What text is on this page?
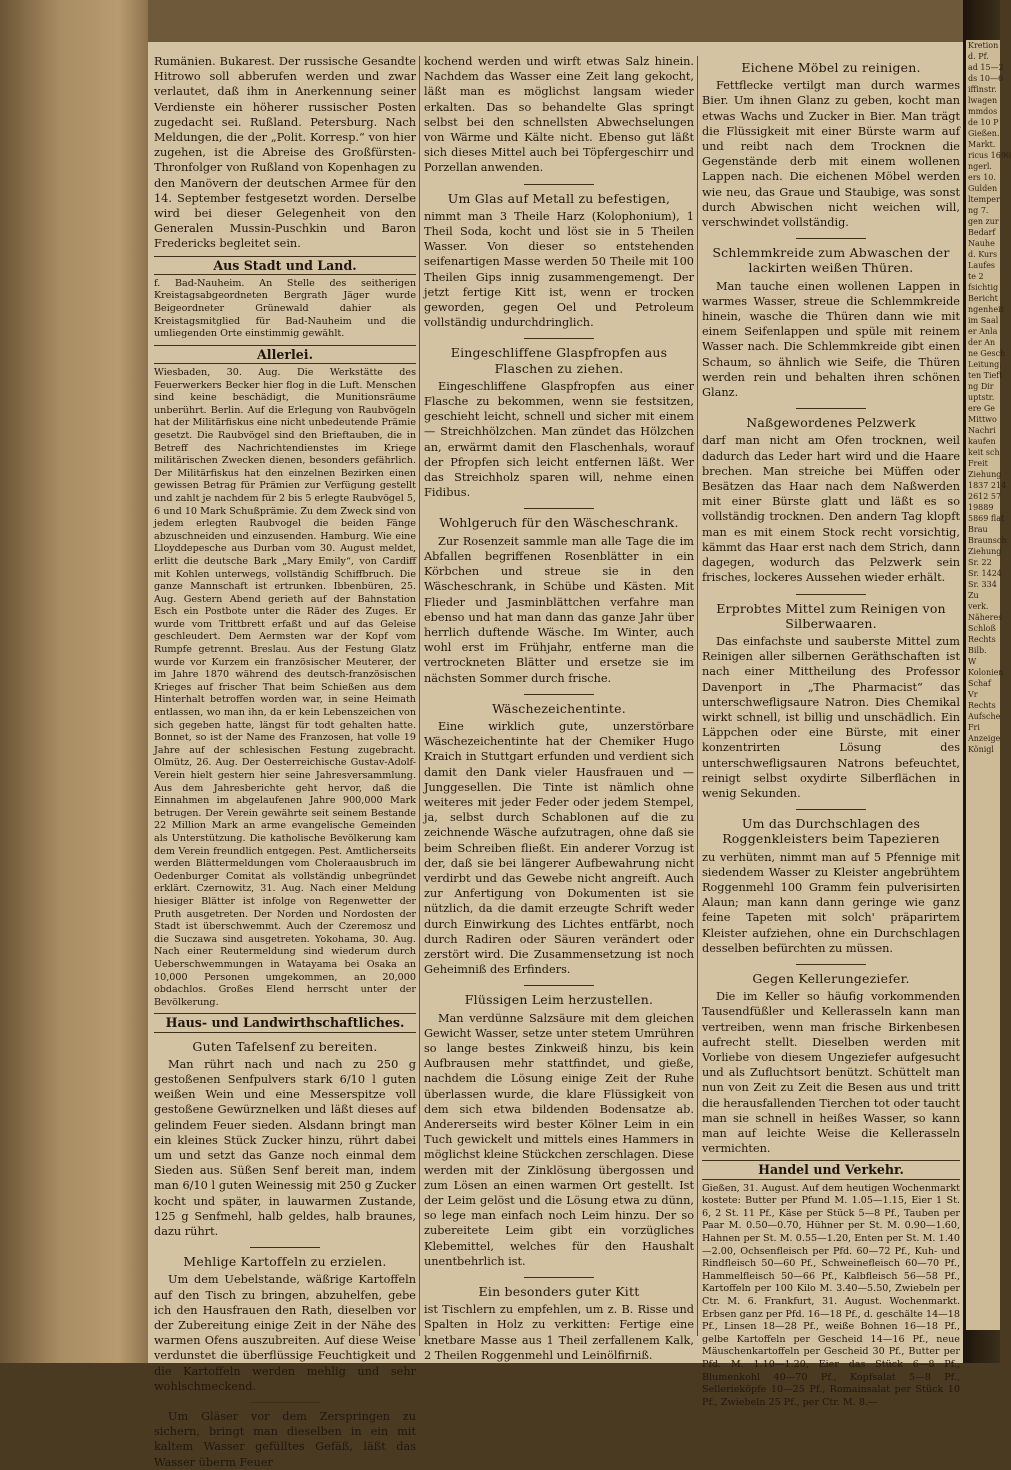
Kretion
d. Pf.
ad 15—2
ds 10—6
iffinstr.
lwagen
mmdos
de 10 P
Gießen.
Markt.
ricus 1690
ngerl.
ers 10.
Gulden
ltemper
ng 7.
gen zur
Bedarf
Nauhe
d. Kurs
Laufes
te 2
fsichtig
Bericht
ngenheit
im Saal
er Anla
der An
ne Gesch
Leitung.
ten Tieft
ng Dir
uptstr.
ere Ge
Mittwo
Nachri
kaufen
keit sch
Freit
Ziehung
1837 214
2612 57
19889
5869 flat
Brau
Braunsch
Ziehung
Sr. 22
Sr. 1424
Sr. 334
Zu
verk.
Näheres
Schloß
Rechts
Bilb.
W
Kolonien
Schaf
Vr
Rechts
Aufsche
Fri
Anzeige
Königl

Rumänien. Bukarest. Der russische Gesandte Hitrowo soll abberufen werden und zwar verlautet, daß ihm in Anerkennung seiner Verdienste ein höherer russischer Posten zugedacht sei. Rußland. Petersburg. Nach Meldungen, die der „Polit. Korresp.“ von hier zugehen, ist die Abreise des Großfürsten-Thronfolger von Rußland von Kopenhagen zu den Manövern der deutschen Armee für den 14. September festgesetzt worden. Derselbe wird bei dieser Gelegenheit von den Generalen Mussin-Puschkin und Baron Fredericks begleitet sein.

Aus Stadt und Land.

f. Bad-Nauheim. An Stelle des seitherigen Kreistagsabgeordneten Bergrath Jäger wurde Beigeordneter Grünewald dahier als Kreistagsmitglied für Bad-Nauheim und die umliegenden Orte einstimmig gewählt.

Allerlei.

Wiesbaden, 30. Aug. Die Werkstätte des Feuerwerkers Becker hier flog in die Luft. Menschen sind keine beschädigt, die Munitionsräume unberührt. Berlin. Auf die Erlegung von Raubvögeln hat der Militärfiskus eine nicht unbedeutende Prämie gesetzt. Die Raubvögel sind den Brieftauben, die in Betreff des Nachrichtendienstes im Kriege militärischen Zwecken dienen, besonders gefährlich. Der Militärfiskus hat den einzelnen Bezirken einen gewissen Betrag für Prämien zur Verfügung gestellt und zahlt je nachdem für 2 bis 5 erlegte Raubvögel 5, 6 und 10 Mark Schußprämie. Zu dem Zweck sind von jedem erlegten Raubvogel die beiden Fänge abzuschneiden und einzusenden. Hamburg. Wie eine Lloyddepesche aus Durban vom 30. August meldet, erlitt die deutsche Bark „Mary Emily“, von Cardiff mit Kohlen unterwegs, vollständig Schiffbruch. Die ganze Mannschaft ist ertrunken. Ibbenbüren, 25. Aug. Gestern Abend gerieth auf der Bahnstation Esch ein Postbote unter die Räder des Zuges. Er wurde vom Trittbrett erfaßt und auf das Geleise geschleudert. Dem Aermsten war der Kopf vom Rumpfe getrennt. Breslau. Aus der Festung Glatz wurde vor Kurzem ein französischer Meuterer, der im Jahre 1870 während des deutsch-französischen Krieges auf frischer That beim Schießen aus dem Hinterhalt betroffen worden war, in seine Heimath entlassen, wo man ihn, da er kein Lebenszeichen von sich gegeben hatte, längst für todt gehalten hatte. Bonnet, so ist der Name des Franzosen, hat volle 19 Jahre auf der schlesischen Festung zugebracht. Olmütz, 26. Aug. Der Oesterreichische Gustav-Adolf-Verein hielt gestern hier seine Jahresversammlung. Aus dem Jahresberichte geht hervor, daß die Einnahmen im abgelaufenen Jahre 900,000 Mark betrugen. Der Verein gewährte seit seinem Bestande 22 Million Mark an arme evangelische Gemeinden als Unterstützung. Die katholische Bevölkerung kam dem Verein freundlich entgegen. Pest. Amtlicherseits werden Blättermeldungen vom Choleraausbruch im Oedenburger Comitat als vollständig unbegründet erklärt. Czernowitz, 31. Aug. Nach einer Meldung hiesiger Blätter ist infolge von Regenwetter der Pruth ausgetreten. Der Norden und Nordosten der Stadt ist überschwemmt. Auch der Czeremosz und die Suczawa sind ausgetreten. Yokohama, 30. Aug. Nach einer Reutermeldung sind wiederum durch Ueberschwemmungen in Watayama bei Osaka an 10,000 Personen umgekommen, an 20,000 obdachlos. Großes Elend herrscht unter der Bevölkerung.

Haus- und Landwirthschaftliches.
Guten Tafelsenf zu bereiten.

Man rührt nach und nach zu 250 g gestoßenen Senfpulvers stark 6/10 l guten weißen Wein und eine Messerspitze voll gestoßene Gewürznelken und läßt dieses auf gelindem Feuer sieden. Alsdann bringt man ein kleines Stück Zucker hinzu, rührt dabei um und setzt das Ganze noch einmal dem Sieden aus. Süßen Senf bereit man, indem man 6/10 l guten Weinessig mit 250 g Zucker kocht und später, in lauwarmen Zustande, 125 g Senfmehl, halb geldes, halb braunes, dazu rührt.

Mehlige Kartoffeln zu erzielen.

Um dem Uebelstande, wäßrige Kartoffeln auf den Tisch zu bringen, abzuhelfen, gebe ich den Hausfrauen den Rath, dieselben vor der Zubereitung einige Zeit in der Nähe des warmen Ofens auszubreiten. Auf diese Weise verdunstet die überflüssige Feuchtigkeit und die Kartoffeln werden mehlig und sehr wohlschmeckend.

Um Gläser vor dem Zerspringen zu sichern, bringt man dieselben in ein mit kaltem Wasser gefülltes Gefäß, läßt das Wasser überm Feuer

kochend werden und wirft etwas Salz hinein. Nachdem das Wasser eine Zeit lang gekocht, läßt man es möglichst langsam wieder erkalten. Das so behandelte Glas springt selbst bei den schnellsten Abwechselungen von Wärme und Kälte nicht. Ebenso gut läßt sich dieses Mittel auch bei Töpfergeschirr und Porzellan anwenden.

Um Glas auf Metall zu befestigen,

nimmt man 3 Theile Harz (Kolophonium), 1 Theil Soda, kocht und löst sie in 5 Theilen Wasser. Von dieser so entstehenden seifenartigen Masse werden 50 Theile mit 100 Theilen Gips innig zusammengemengt. Der jetzt fertige Kitt ist, wenn er trocken geworden, gegen Oel und Petroleum vollständig undurchdringlich.

Eingeschliffene Glaspfropfen aus Flaschen zu ziehen.

Eingeschliffene Glaspfropfen aus einer Flasche zu bekommen, wenn sie festsitzen, geschieht leicht, schnell und sicher mit einem — Streichhölzchen. Man zündet das Hölzchen an, erwärmt damit den Flaschenhals, worauf der Pfropfen sich leicht entfernen läßt. Wer das Streichholz sparen will, nehme einen Fidibus.

Wohlgeruch für den Wäscheschrank.

Zur Rosenzeit sammle man alle Tage die im Abfallen begriffenen Rosenblätter in ein Körbchen und streue sie in den Wäscheschrank, in Schübe und Kästen. Mit Flieder und Jasminblättchen verfahre man ebenso und hat man dann das ganze Jahr über herrlich duftende Wäsche. Im Winter, auch wohl erst im Frühjahr, entferne man die vertrockneten Blätter und ersetze sie im nächsten Sommer durch frische.

Wäschezeichentinte.

Eine wirklich gute, unzerstörbare Wäschezeichentinte hat der Chemiker Hugo Kraich in Stuttgart erfunden und verdient sich damit den Dank vieler Hausfrauen und — Junggesellen. Die Tinte ist nämlich ohne weiteres mit jeder Feder oder jedem Stempel, ja, selbst durch Schablonen auf die zu zeichnende Wäsche aufzutragen, ohne daß sie beim Schreiben fließt. Ein anderer Vorzug ist der, daß sie bei längerer Aufbewahrung nicht verdirbt und das Gewebe nicht angreift. Auch zur Anfertigung von Dokumenten ist sie nützlich, da die damit erzeugte Schrift weder durch Einwirkung des Lichtes entfärbt, noch durch Radiren oder Säuren verändert oder zerstört wird. Die Zusammensetzung ist noch Geheimniß des Erfinders.

Flüssigen Leim herzustellen.

Man verdünne Salzsäure mit dem gleichen Gewicht Wasser, setze unter stetem Umrühren so lange bestes Zinkweiß hinzu, bis kein Aufbrausen mehr stattfindet, und gieße, nachdem die Lösung einige Zeit der Ruhe überlassen wurde, die klare Flüssigkeit von dem sich etwa bildenden Bodensatze ab. Andererseits wird bester Kölner Leim in ein Tuch gewickelt und mittels eines Hammers in möglichst kleine Stückchen zerschlagen. Diese werden mit der Zinklösung übergossen und zum Lösen an einen warmen Ort gestellt. Ist der Leim gelöst und die Lösung etwa zu dünn, so lege man einfach noch Leim hinzu. Der so zubereitete Leim gibt ein vorzügliches Klebemittel, welches für den Haushalt unentbehrlich ist.

Ein besonders guter Kitt

ist Tischlern zu empfehlen, um z. B. Risse und Spalten in Holz zu verkitten: Fertige eine knetbare Masse aus 1 Theil zerfallenem Kalk, 2 Theilen Roggenmehl und Leinölfirniß.

Eichene Möbel zu reinigen.

Fettflecke vertilgt man durch warmes Bier. Um ihnen Glanz zu geben, kocht man etwas Wachs und Zucker in Bier. Man trägt die Flüssigkeit mit einer Bürste warm auf und reibt nach dem Trocknen die Gegenstände derb mit einem wollenen Lappen nach. Die eichenen Möbel werden wie neu, das Graue und Staubige, was sonst durch Abwischen nicht weichen will, verschwindet vollständig.

Schlemmkreide zum Abwaschen der lackirten weißen Thüren.

Man tauche einen wollenen Lappen in warmes Wasser, streue die Schlemmkreide hinein, wasche die Thüren dann wie mit einem Seifenlappen und spüle mit reinem Wasser nach. Die Schlemmkreide gibt einen Schaum, so ähnlich wie Seife, die Thüren werden rein und behalten ihren schönen Glanz.

Naßgewordenes Pelzwerk

darf man nicht am Ofen trocknen, weil dadurch das Leder hart wird und die Haare brechen. Man streiche bei Müffen oder Besätzen das Haar nach dem Naßwerden mit einer Bürste glatt und läßt es so vollständig trocknen. Den andern Tag klopft man es mit einem Stock recht vorsichtig, kämmt das Haar erst nach dem Strich, dann dagegen, wodurch das Pelzwerk sein frisches, lockeres Aussehen wieder erhält.

Erprobtes Mittel zum Reinigen von Silberwaaren.

Das einfachste und sauberste Mittel zum Reinigen aller silbernen Geräthschaften ist nach einer Mittheilung des Professor Davenport in „The Pharmacist“ das unterschwefligsaure Natron. Dies Chemikal wirkt schnell, ist billig und unschädlich. Ein Läppchen oder eine Bürste, mit einer konzentrirten Lösung des unterschwefligsauren Natrons befeuchtet, reinigt selbst oxydirte Silberflächen in wenig Sekunden.

Um das Durchschlagen des Roggenkleisters beim Tapezieren

zu verhüten, nimmt man auf 5 Pfennige mit siedendem Wasser zu Kleister angebrühtem Roggenmehl 100 Gramm fein pulverisirten Alaun; man kann dann geringe wie ganz feine Tapeten mit solch' präparirtem Kleister aufziehen, ohne ein Durchschlagen desselben befürchten zu müssen.

Gegen Kellerungeziefer.

Die im Keller so häufig vorkommenden Tausendfüßler und Kellerasseln kann man vertreiben, wenn man frische Birkenbesen aufrecht stellt. Dieselben werden mit Vorliebe von diesem Ungeziefer aufgesucht und als Zufluchtsort benützt. Schüttelt man nun von Zeit zu Zeit die Besen aus und tritt die herausfallenden Tierchen tot oder taucht man sie schnell in heißes Wasser, so kann man auf leichte Weise die Kellerasseln vermichten.

Handel und Verkehr.

Gießen, 31. August. Auf dem heutigen Wochenmarkt kostete: Butter per Pfund M. 1.05—1.15, Eier 1 St. 6, 2 St. 11 Pf., Käse per Stück 5—8 Pf., Tauben per Paar M. 0.50—0.70, Hühner per St. M. 0.90—1.60, Hahnen per St. M. 0.55—1.20, Enten per St. M. 1.40—2.00, Ochsenfleisch per Pfd. 60—72 Pf., Kuh- und Rindfleisch 50—60 Pf., Schweinefleisch 60—70 Pf., Hammelfleisch 50—66 Pf., Kalbfleisch 56—58 Pf., Kartoffeln per 100 Kilo M. 3.40—5.50, Zwiebeln per Ctr. M. 6. Frankfurt, 31. August. Wochenmarkt. Erbsen ganz per Pfd. 16—18 Pf., d. geschälte 14—18 Pf., Linsen 18—28 Pf., weiße Bohnen 16—18 Pf., gelbe Kartoffeln per Gescheid 14—16 Pf., neue Mäuschenkartoffeln per Gescheid 30 Pf., Butter per Pfd. M. 1.10—1.20, Eier das Stück 6—8 Pf., Blumenkohl 40—70 Pf., Kopfsalat 5—8 Pf., Sellerieköpfe 10—25 Pf., Romainsalat per Stück 10 Pf., Zwiebeln 25 Pf., per Ctr. M. 8.—
